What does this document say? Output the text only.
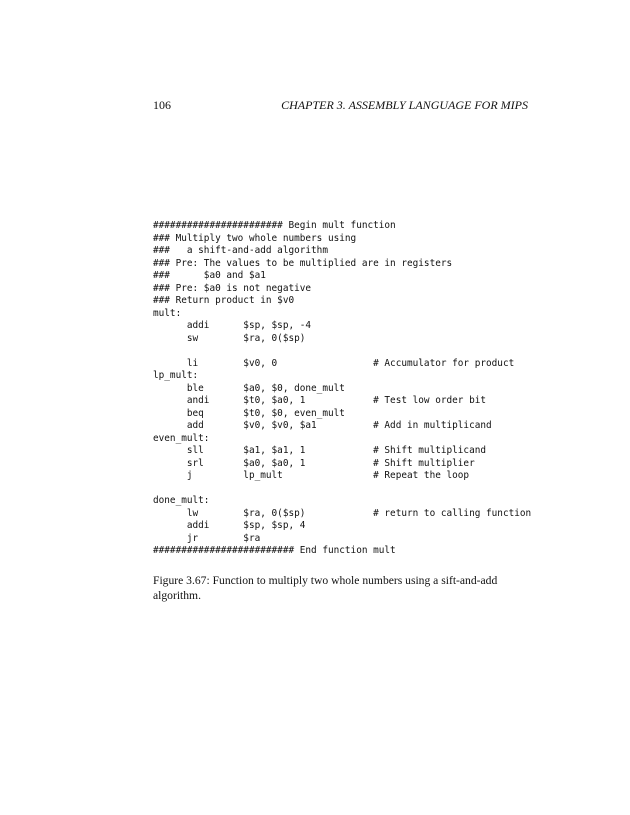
106	CHAPTER 3. ASSEMBLY LANGUAGE FOR MIPS
####################### Begin mult function
### Multiply two whole numbers using
###   a shift-and-add algorithm
### Pre: The values to be multiplied are in registers
###      $a0 and $a1
### Pre: $a0 is not negative
### Return product in $v0
mult:
addi      $sp, $sp, -4
sw        $ra, 0($sp)

li        $v0, 0                 # Accumulator for product
lp_mult:
ble       $a0, $0, done_mult
andi      $t0, $a0, 1            # Test low order bit
beq       $t0, $0, even_mult
add       $v0, $v0, $a1          # Add in multiplicand
even_mult:
sll       $a1, $a1, 1            # Shift multiplicand
srl       $a0, $a0, 1            # Shift multiplier
j         lp_mult                # Repeat the loop

done_mult:
lw        $ra, 0($sp)            # return to calling function
addi      $sp, $sp, 4
jr        $ra
######################### End function mult

Figure 3.67: Function to multiply two whole numbers using a sift-and-add algorithm.
